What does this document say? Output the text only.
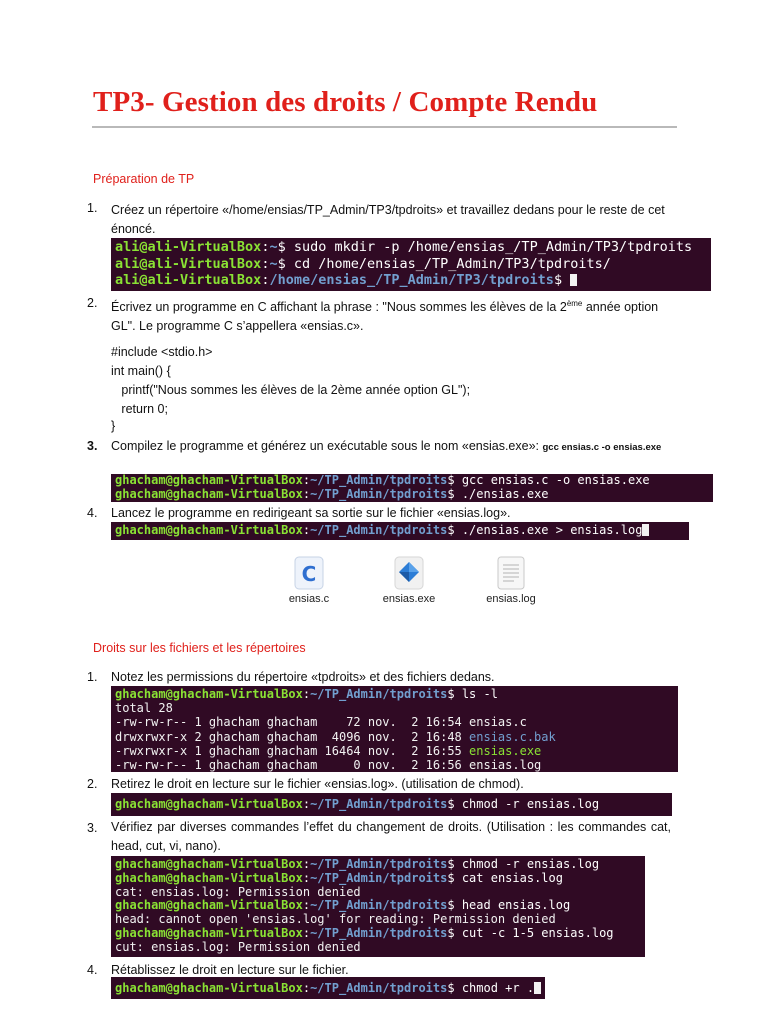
TP3- Gestion des droits / Compte Rendu
Préparation de TP
1.	Créez un répertoire «/home/ensias/TP_Admin/TP3/tpdroits» et travaillez dedans pour le reste de cet énoncé.
ali@ali-VirtualBox:~$ sudo mkdir -p /home/ensias_/TP_Admin/TP3/tpdroits
ali@ali-VirtualBox:~$ cd /home/ensias_/TP_Admin/TP3/tpdroits/
ali@ali-VirtualBox:/home/ensias_/TP_Admin/TP3/tpdroits$
2.	Écrivez un programme en C affichant la phrase : "Nous sommes les élèves de la 2ème année option GL". Le programme C s’appellera «ensias.c».
#include <stdio.h>
int main() {
printf("Nous sommes les élèves de la 2ème année option GL");
return 0;
}
3.	Compilez le programme et générez un exécutable sous le nom «ensias.exe»: gcc ensias.c -o ensias.exe
ghacham@ghacham-VirtualBox:~/TP_Admin/tpdroits$ gcc ensias.c -o ensias.exe
ghacham@ghacham-VirtualBox:~/TP_Admin/tpdroits$ ./ensias.exe
4.	Lancez le programme en redirigeant sa sortie sur le fichier «ensias.log».
ghacham@ghacham-VirtualBox:~/TP_Admin/tpdroits$ ./ensias.exe > ensias.log
C
ensias.c	ensias.exe	ensias.log
Droits sur les fichiers et les répertoires
1.	Notez les permissions du répertoire «tpdroits» et des fichiers dedans.
ghacham@ghacham-VirtualBox:~/TP_Admin/tpdroits$ ls -l
total 28
-rw-rw-r-- 1 ghacham ghacham    72 nov.  2 16:54 ensias.c
drwxrwxr-x 2 ghacham ghacham  4096 nov.  2 16:48 ensias.c.bak
-rwxrwxr-x 1 ghacham ghacham 16464 nov.  2 16:55 ensias.exe
-rw-rw-r-- 1 ghacham ghacham     0 nov.  2 16:56 ensias.log
2.	Retirez le droit en lecture sur le fichier «ensias.log». (utilisation de chmod).
ghacham@ghacham-VirtualBox:~/TP_Admin/tpdroits$ chmod -r ensias.log
3.	Vérifiez par diverses commandes l’effet du changement de droits. (Utilisation : les commandes cat, head, cut, vi, nano).
ghacham@ghacham-VirtualBox:~/TP_Admin/tpdroits$ chmod -r ensias.log
ghacham@ghacham-VirtualBox:~/TP_Admin/tpdroits$ cat ensias.log
cat: ensias.log: Permission denied
ghacham@ghacham-VirtualBox:~/TP_Admin/tpdroits$ head ensias.log
head: cannot open 'ensias.log' for reading: Permission denied
ghacham@ghacham-VirtualBox:~/TP_Admin/tpdroits$ cut -c 1-5 ensias.log
cut: ensias.log: Permission denied
4.	Rétablissez le droit en lecture sur le fichier.
ghacham@ghacham-VirtualBox:~/TP_Admin/tpdroits$ chmod +r .
